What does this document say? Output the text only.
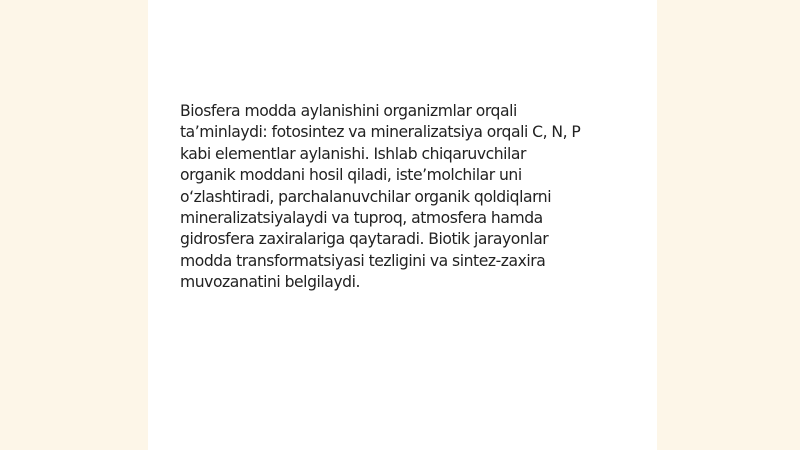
Biosfera modda aylanishini organizmlar orqali
ta’minlaydi: fotosintez va mineralizatsiya orqali C, N, P
kabi elementlar aylanishi. Ishlab chiqaruvchilar
organik moddani hosil qiladi, iste’molchilar uni
o‘zlashtiradi, parchalanuvchilar organik qoldiqlarni
mineralizatsiyalaydi va tuproq, atmosfera hamda
gidrosfera zaxiralariga qaytaradi. Biotik jarayonlar
modda transformatsiyasi tezligini va sintez-zaxira
muvozanatini belgilaydi.
